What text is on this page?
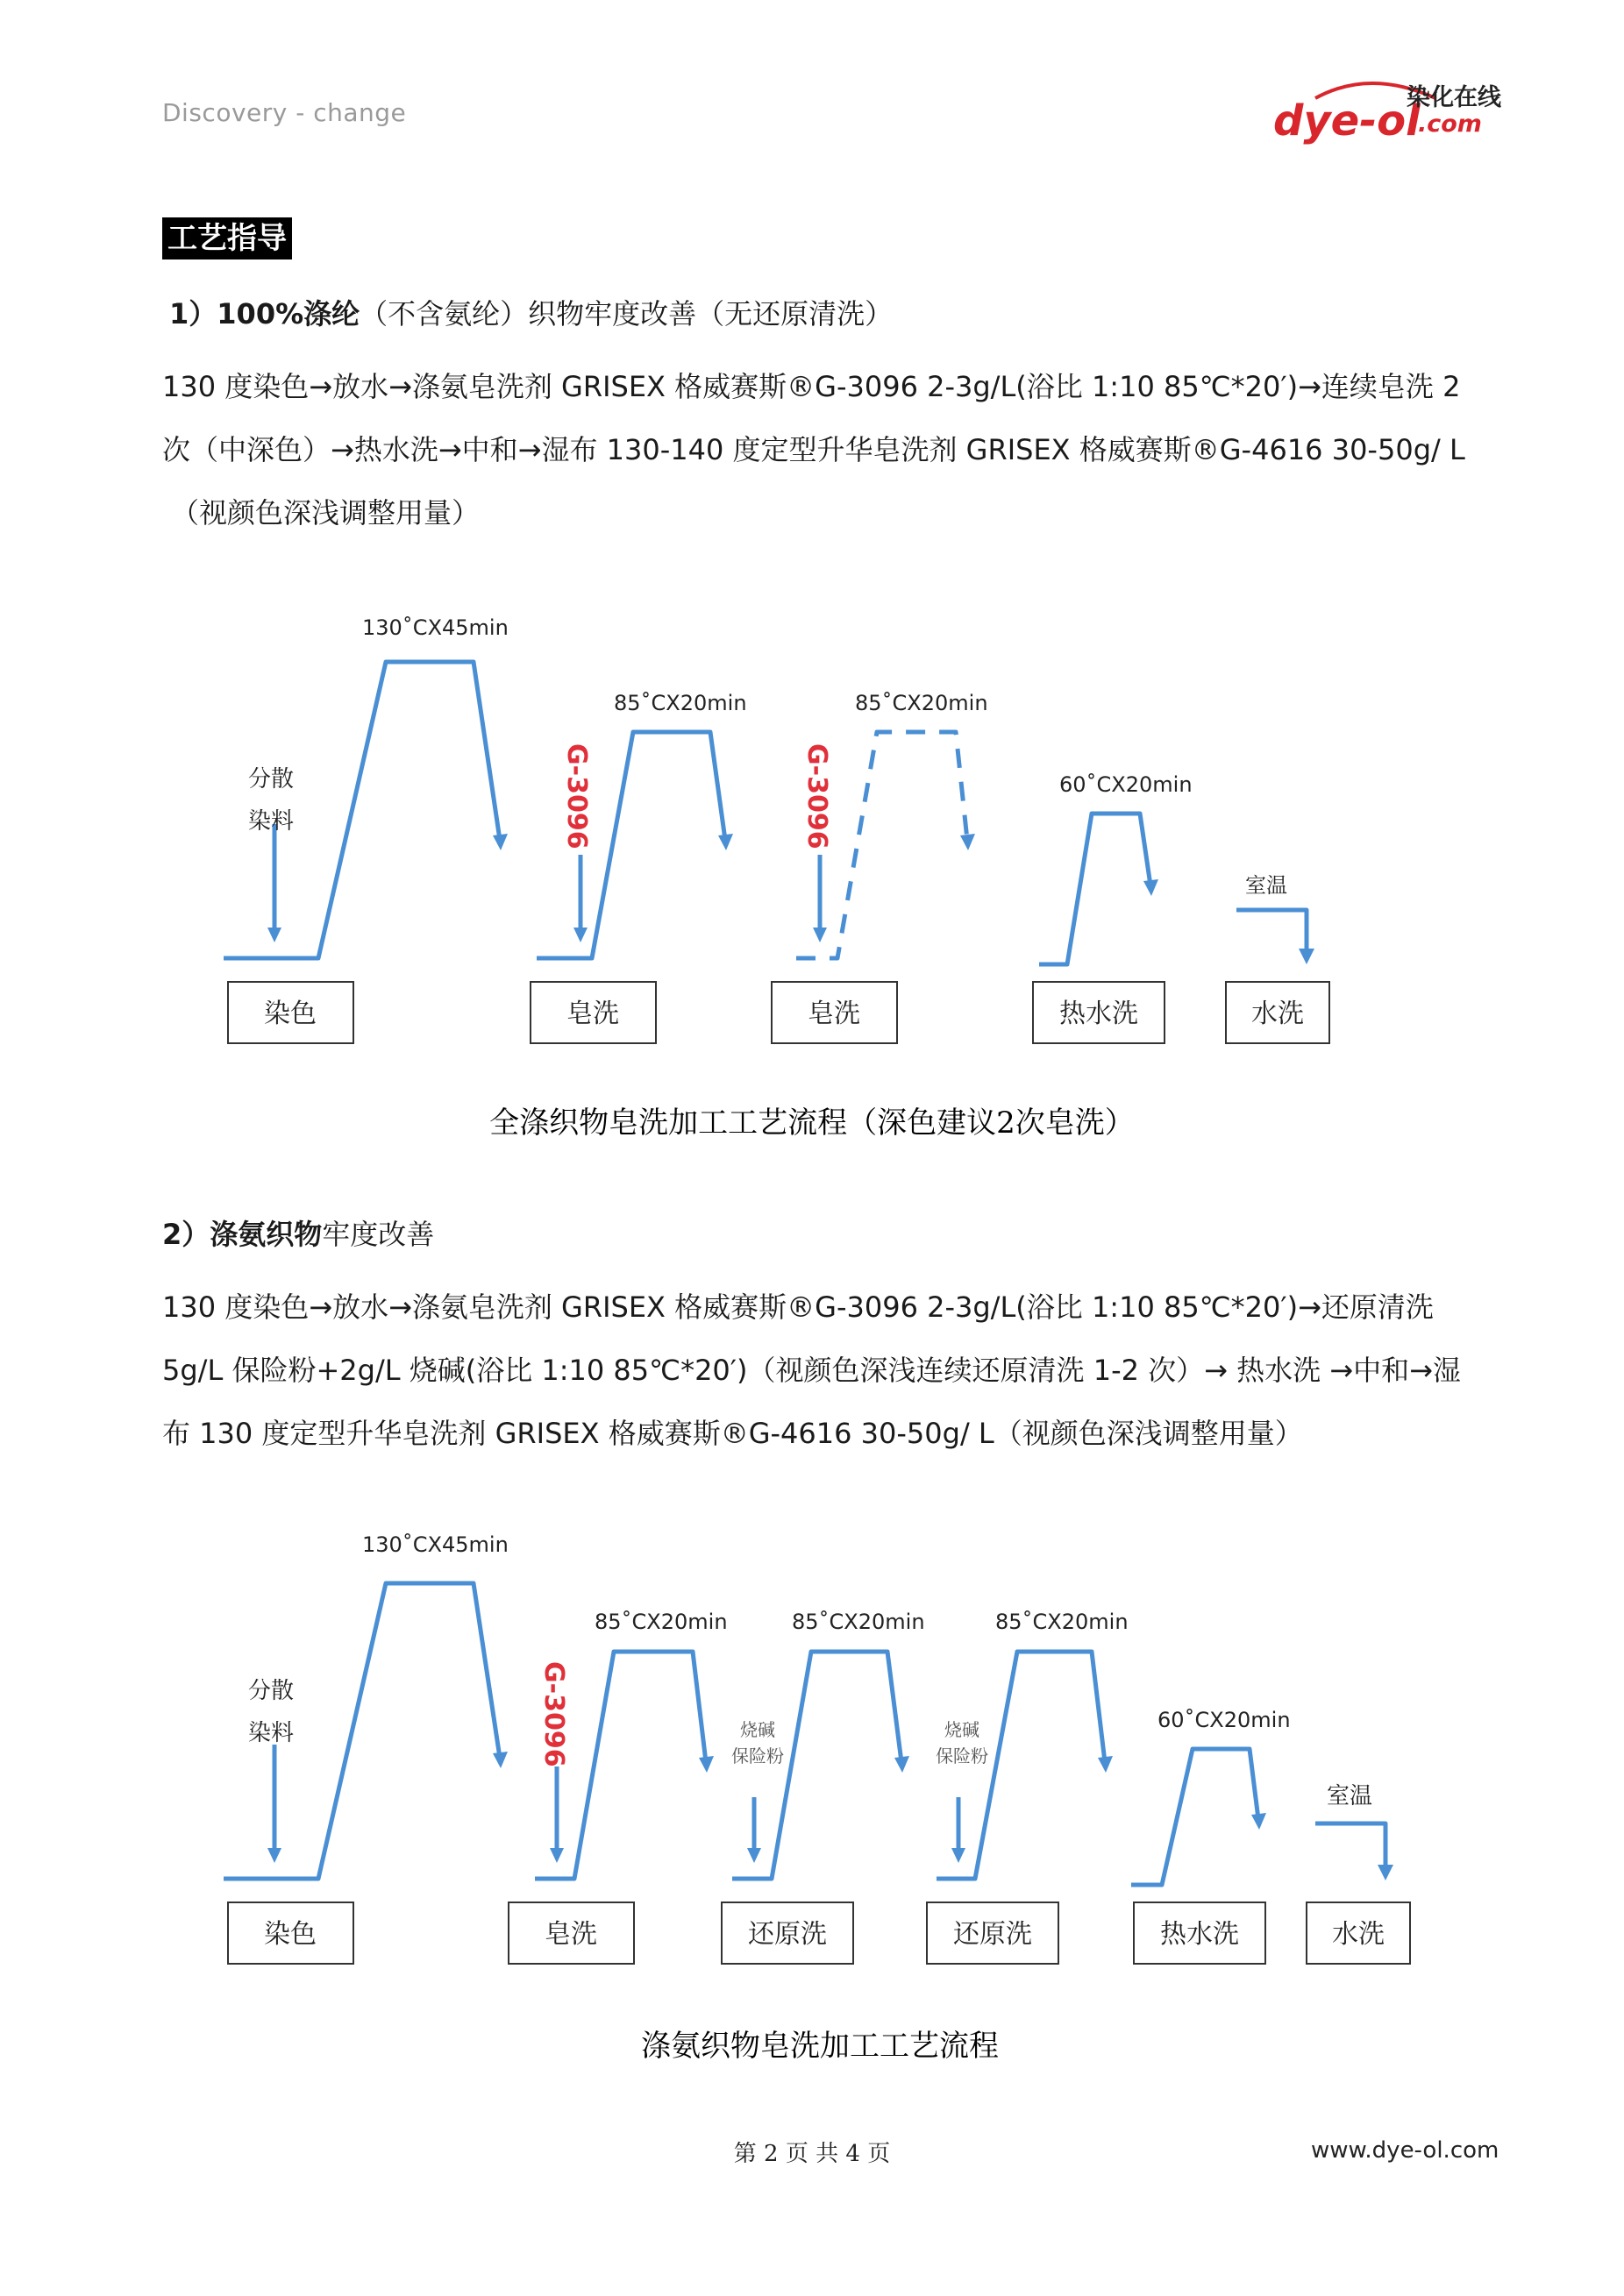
Discovery - change	dye-ol
染化在线
.com
工艺指导
1）100%涤纶（不含氨纶）织物牢度改善（无还原清洗）
130 度染色→放水→涤氨皂洗剂 GRISEX 格威赛斯®G-3096 2-3g/L(浴比 1:10 85℃*20′)→连续皂洗 2
次（中深色）→热水洗→中和→湿布 130-140 度定型升华皂洗剂 GRISEX 格威赛斯®G-4616 30-50g/ L
（视颜色深浅调整用量）
分散
染料	G-3096	G-3096
130˚CX45min
85˚CX20min	85˚CX20min
60˚CX20min
室温
染色	皂洗	皂洗	热水洗	水洗
全涤织物皂洗加工工艺流程（深色建议2次皂洗）
2）涤氨织物牢度改善
130 度染色→放水→涤氨皂洗剂 GRISEX 格威赛斯®G-3096 2-3g/L(浴比 1:10 85℃*20′)→还原清洗
5g/L 保险粉+2g/L 烧碱(浴比 1:10 85℃*20′)（视颜色深浅连续还原清洗 1-2 次）→ 热水洗 →中和→湿
布 130 度定型升华皂洗剂 GRISEX 格威赛斯®G-4616 30-50g/ L（视颜色深浅调整用量）
分散
染料	G-3096	烧碱
保险粉
烧碱
保险粉
130˚CX45min
85˚CX20min	85˚CX20min	85˚CX20min
60˚CX20min
室温
染色	皂洗	还原洗	还原洗	热水洗	水洗
涤氨织物皂洗加工工艺流程
第 2 页 共 4 页	www.dye-ol.com
